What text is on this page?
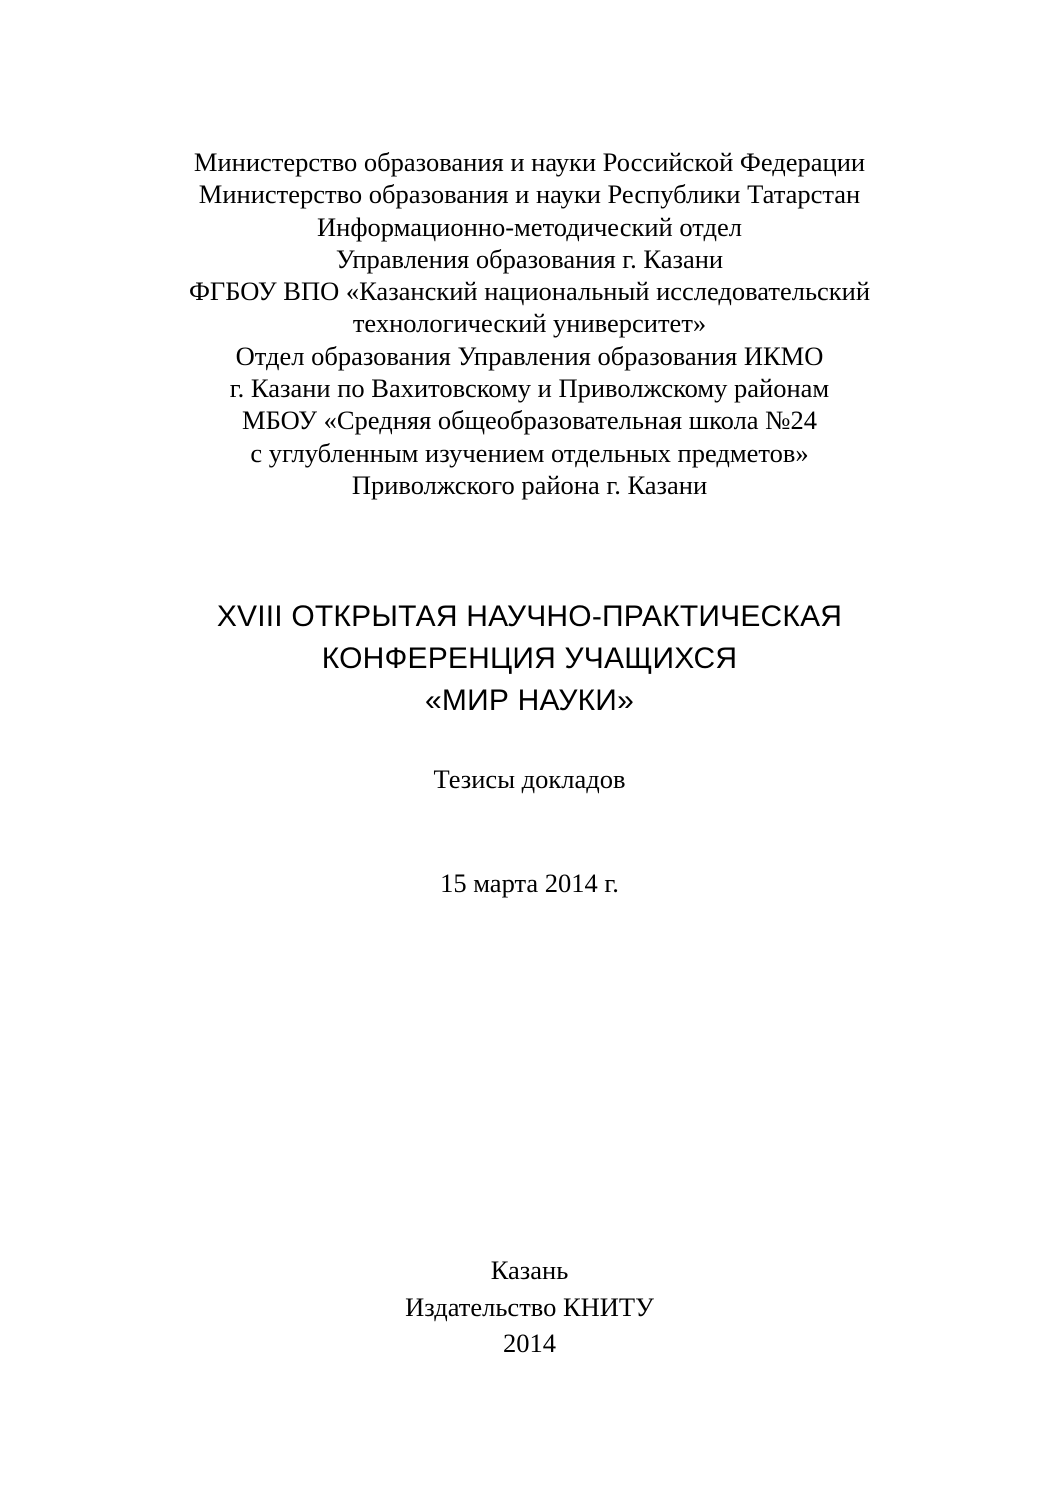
Министерство образования и науки Российской Федерации
Министерство образования и науки Республики Татарстан
Информационно-методический отдел
Управления образования г. Казани
ФГБОУ ВПО «Казанский национальный исследовательский
технологический университет»
Отдел образования Управления образования ИКМО
г. Казани по Вахитовскому и Приволжскому районам
МБОУ «Средняя общеобразовательная школа №24
с углубленным изучением отдельных предметов»
Приволжского района г. Казани
XVIII ОТКРЫТАЯ НАУЧНО-ПРАКТИЧЕСКАЯ
КОНФЕРЕНЦИЯ УЧАЩИХСЯ
«МИР НАУКИ»
Тезисы докладов
15 марта 2014 г.
Казань
Издательство КНИТУ
2014
